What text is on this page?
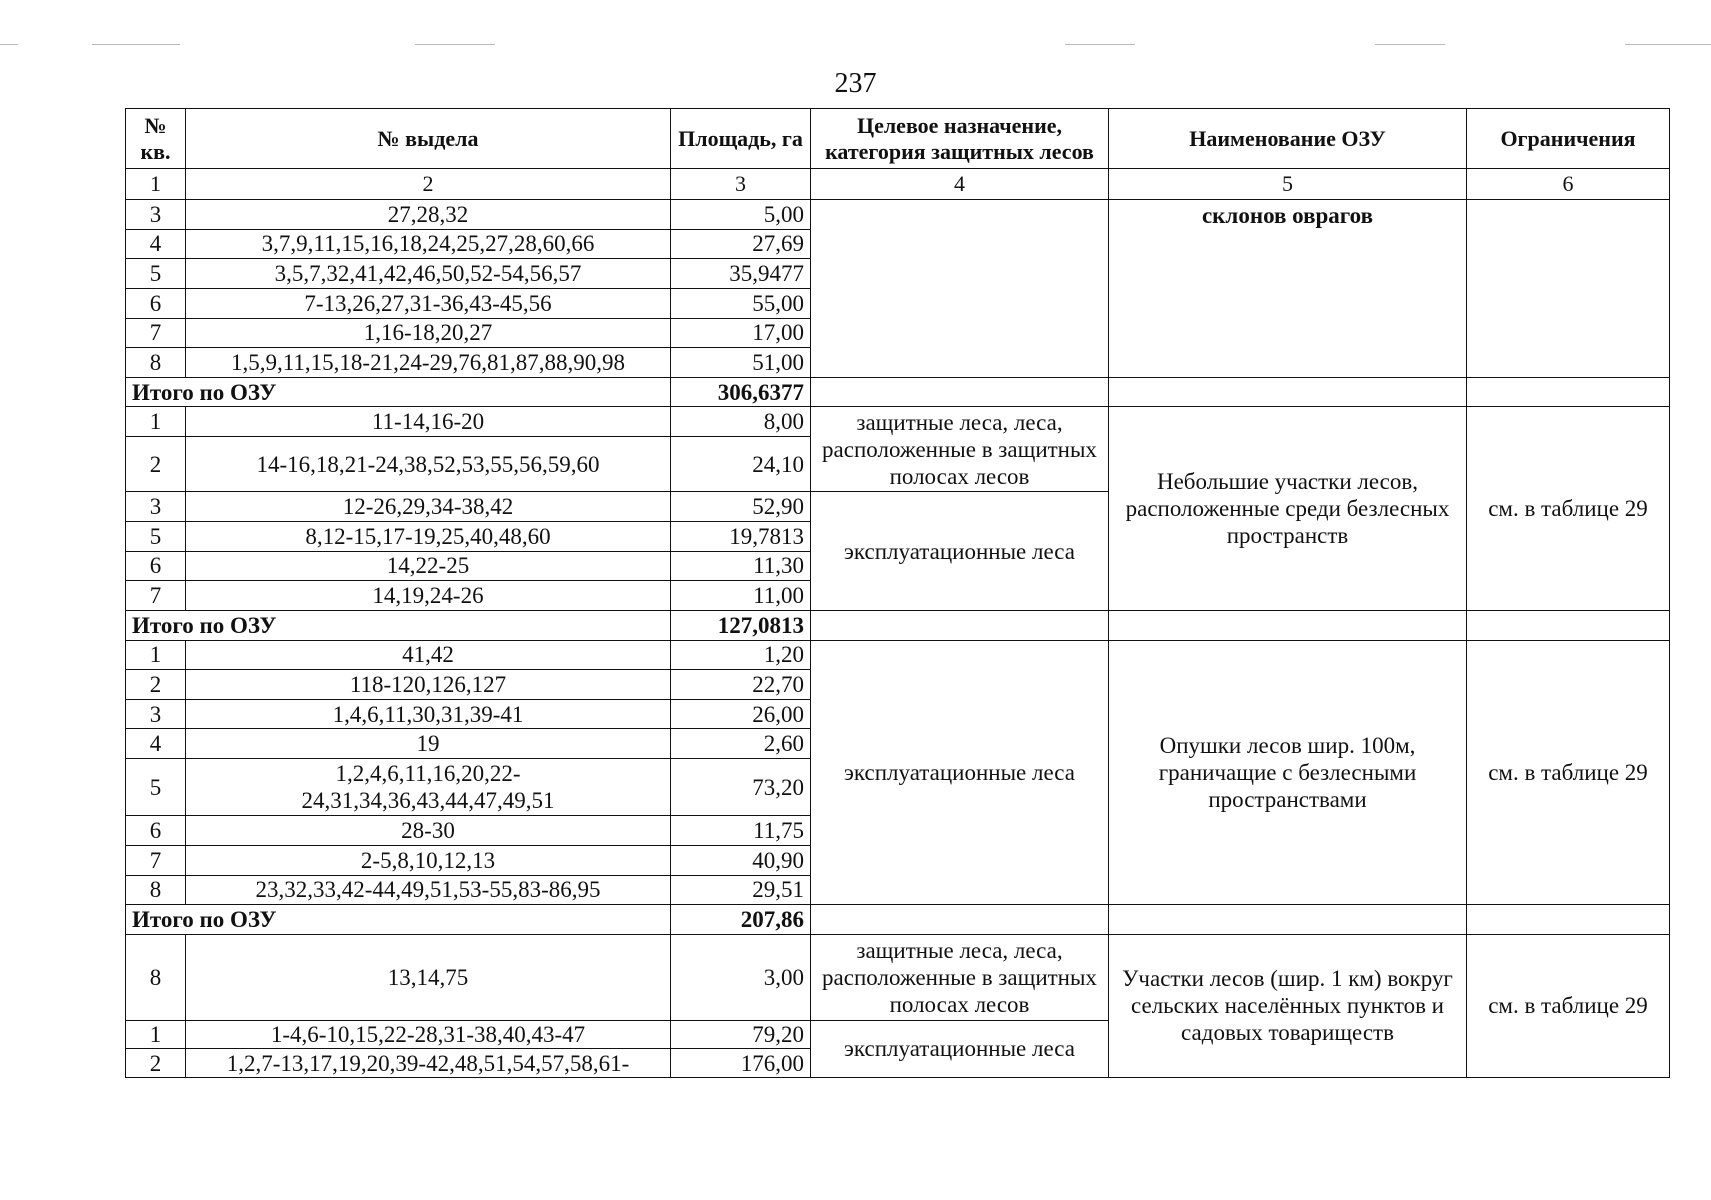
237
№ кв.	№ выдела	Площадь, га	Целевое назначение, категория защитных лесов	Наименование ОЗУ	Ограничения
1	2	3	4	5	6
3	27,28,32	5,00		склонов оврагов	
4	3,7,9,11,15,16,18,24,25,27,28,60,66	27,69			
5	3,5,7,32,41,42,46,50,52-54,56,57	35,9477			
6	7-13,26,27,31-36,43-45,56	55,00			
7	1,16-18,20,27	17,00			
8	1,5,9,11,15,18-21,24-29,76,81,87,88,90,98	51,00			
Итого по ОЗУ		306,6377			
1	11-14,16-20	8,00	защитные леса, леса, расположенные в защитных полосах лесов	Небольшие участки лесов, расположенные среди безлесных пространств	см. в таблице 29
2	14-16,18,21-24,38,52,53,55,56,59,60	24,10			
3	12-26,29,34-38,42	52,90	эксплуатационные леса		
5	8,12-15,17-19,25,40,48,60	19,7813			
6	14,22-25	11,30			
7	14,19,24-26	11,00			
Итого по ОЗУ		127,0813			
1	41,42	1,20	эксплуатационные леса	Опушки лесов шир. 100м, граничащие с безлесными пространствами	см. в таблице 29
2	118-120,126,127	22,70			
3	1,4,6,11,30,31,39-41	26,00			
4	19	2,60			
5	1,2,4,6,11,16,20,22-24,31,34,36,43,44,47,49,51	73,20			
6	28-30	11,75			
7	2-5,8,10,12,13	40,90			
8	23,32,33,42-44,49,51,53-55,83-86,95	29,51			
Итого по ОЗУ		207,86			
8	13,14,75	3,00	защитные леса, леса, расположенные в защитных полосах лесов	Участки лесов (шир. 1 км) вокруг сельских населённых пунктов и садовых товариществ	см. в таблице 29
1	1-4,6-10,15,22-28,31-38,40,43-47	79,20	эксплуатационные леса		
2	1,2,7-13,17,19,20,39-42,48,51,54,57,58,61-	176,00			
